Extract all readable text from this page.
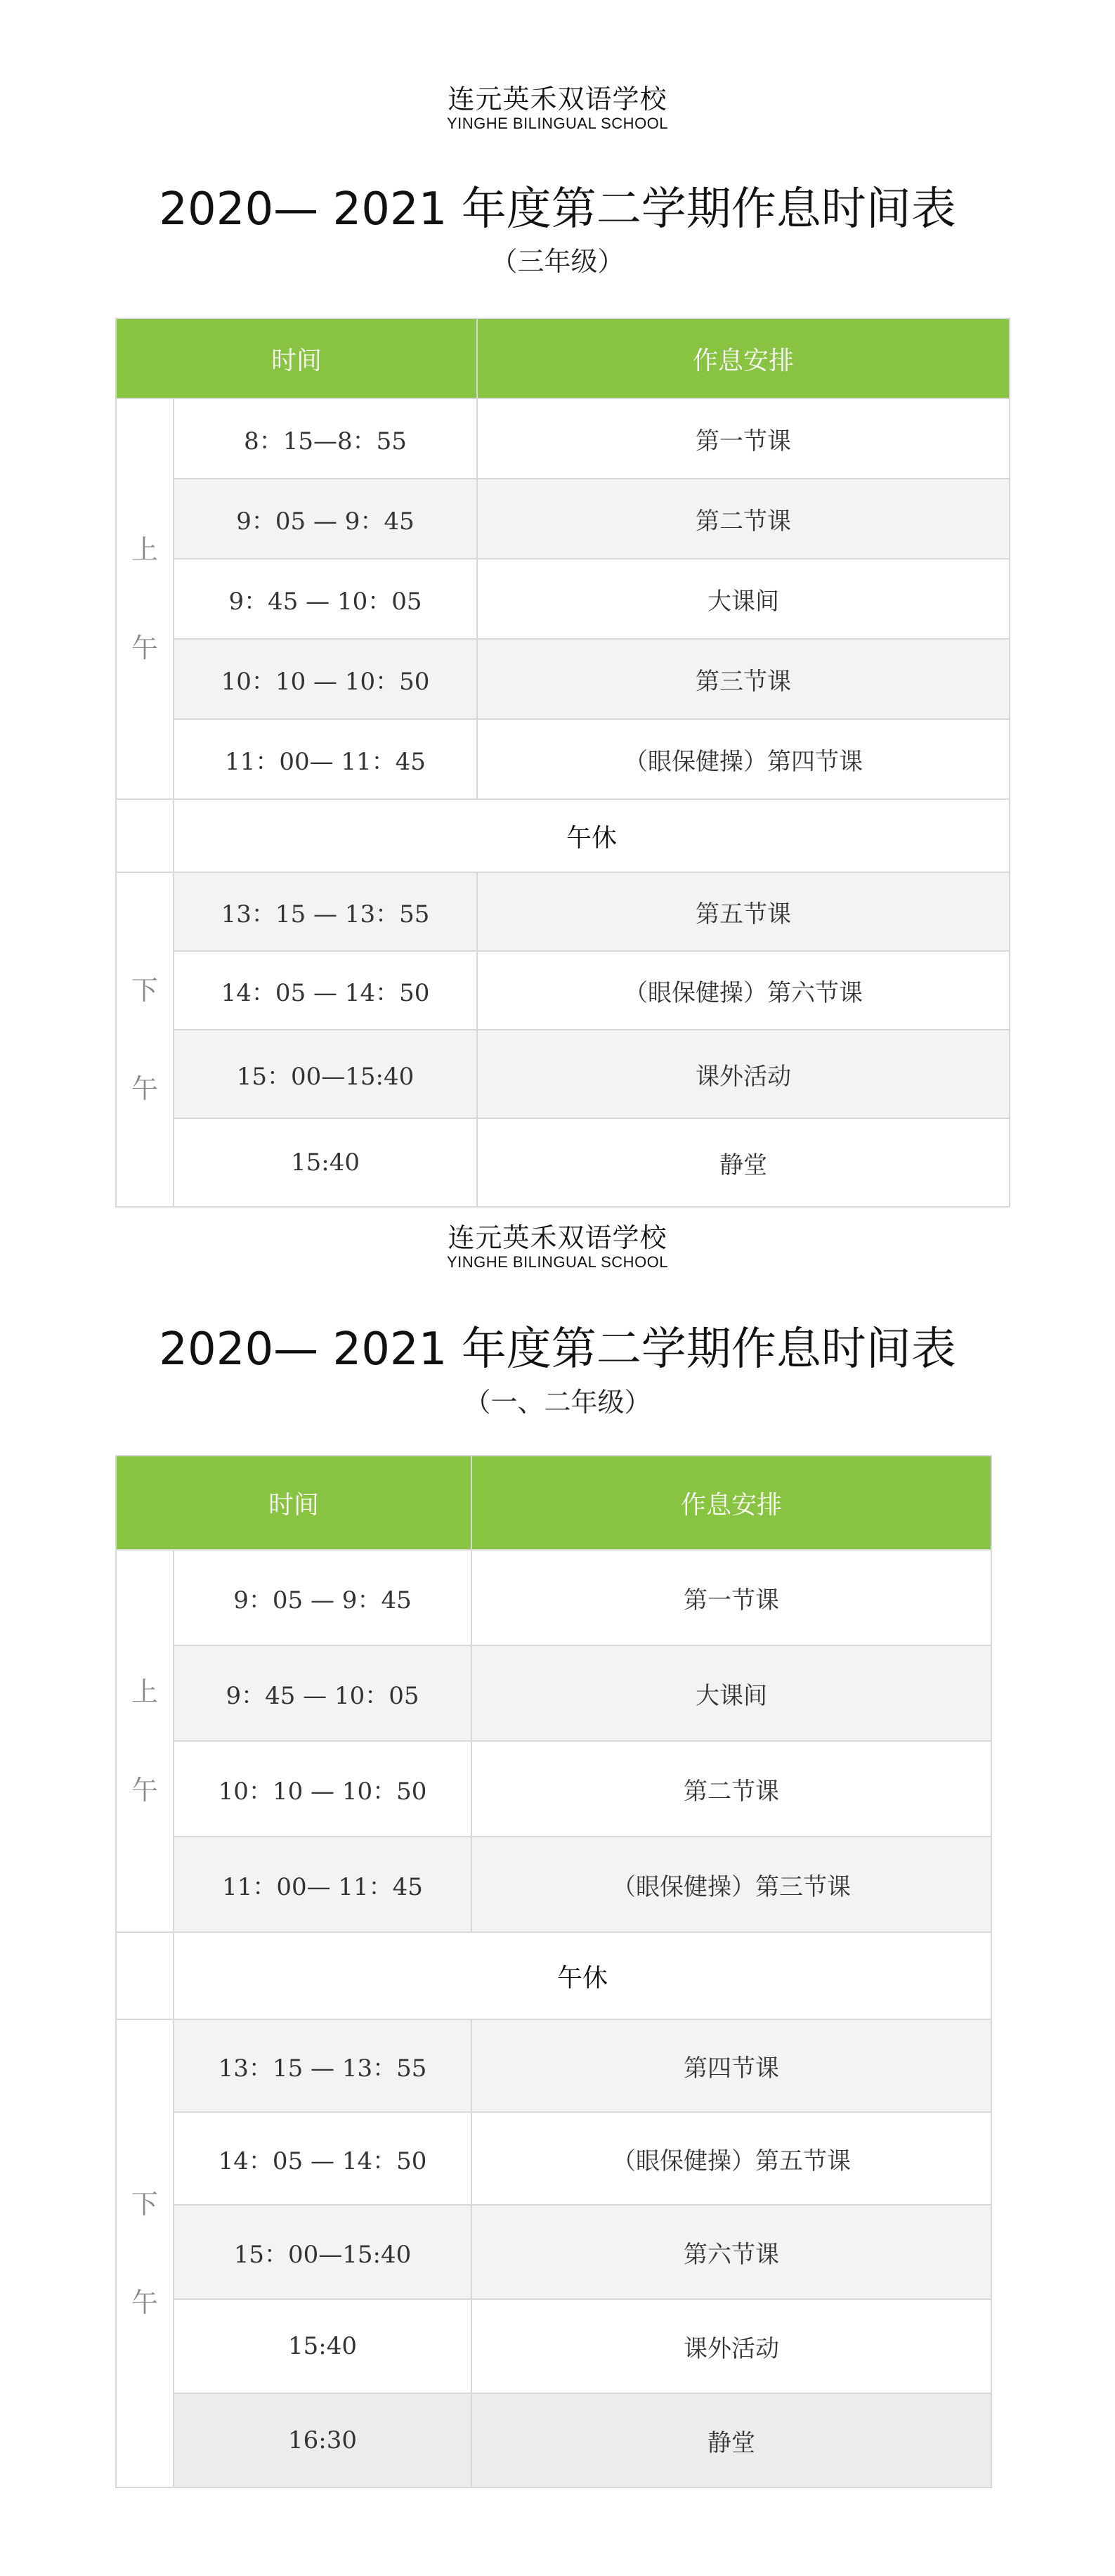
连元英禾双语学校
YINGHE BILINGUAL SCHOOL
2020— 2021 年度第二学期作息时间表
（三年级）
时间		作息安排

上
午	8：15—8：55	第一节课
	9：05 — 9：45	第二节课
	9：45 — 10：05	大课间
	10：10 — 10：50	第三节课
	11：00— 11：45	（眼保健操）第四节课
	午休	

下
午	13：15 — 13：55	第五节课
	14：05 — 14：50	（眼保健操）第六节课
	15：00—15:40	课外活动
	15:40	静堂
连元英禾双语学校
YINGHE BILINGUAL SCHOOL
2020— 2021 年度第二学期作息时间表
（一、二年级）
时间		作息安排

上
午	9：05 — 9：45	第一节课
	9：45 — 10：05	大课间
	10：10 — 10：50	第二节课
	11：00— 11：45	（眼保健操）第三节课
	午休	

下
午	13：15 — 13：55	第四节课
	14：05 — 14：50	（眼保健操）第五节课
	15：00—15:40	第六节课
	15:40	课外活动
	16:30	静堂
